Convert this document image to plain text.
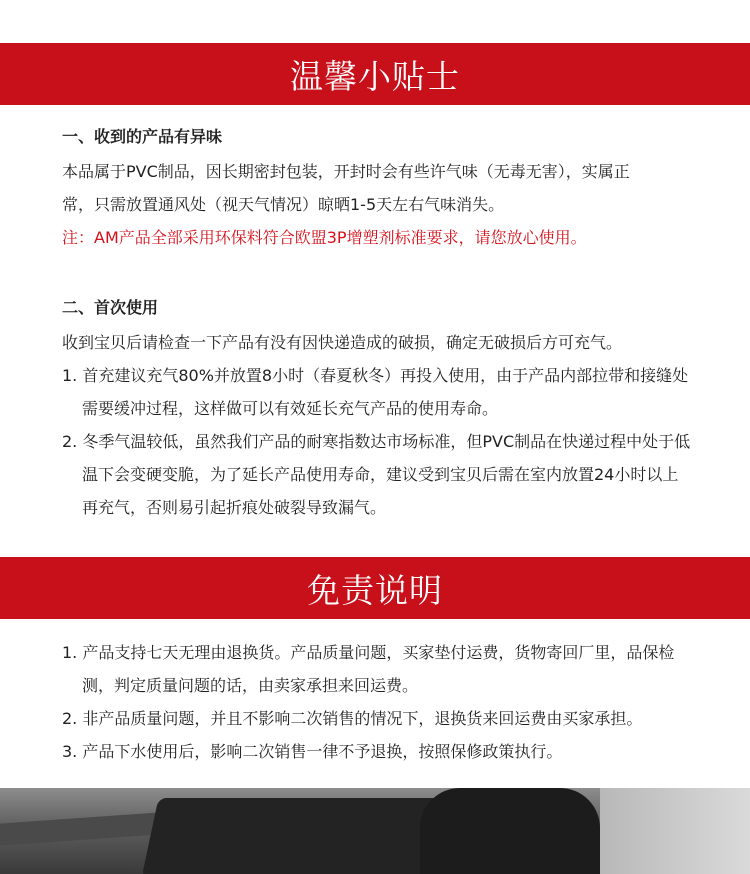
温馨小贴士
一、收到的产品有异味
本品属于PVC制品，因长期密封包装，开封时会有些许气味（无毒无害），实属正
常，只需放置通风处（视天气情况）晾晒1-5天左右气味消失。
注：AM产品全部采用环保料符合欧盟3P增塑剂标准要求，请您放心使用。
二、首次使用
收到宝贝后请检查一下产品有没有因快递造成的破损，确定无破损后方可充气。
1. 首充建议充气80%并放置8小时（春夏秋冬）再投入使用，由于产品内部拉带和接缝处需要缓冲过程，这样做可以有效延长充气产品的使用寿命。
2. 冬季气温较低，虽然我们产品的耐寒指数达市场标准，但PVC制品在快递过程中处于低温下会变硬变脆，为了延长产品使用寿命，建议受到宝贝后需在室内放置24小时以上再充气，否则易引起折痕处破裂导致漏气。
免责说明
1. 产品支持七天无理由退换货。产品质量问题，买家垫付运费，货物寄回厂里，品保检测，判定质量问题的话，由卖家承担来回运费。
2. 非产品质量问题，并且不影响二次销售的情况下，退换货来回运费由买家承担。
3. 产品下水使用后，影响二次销售一律不予退换，按照保修政策执行。
